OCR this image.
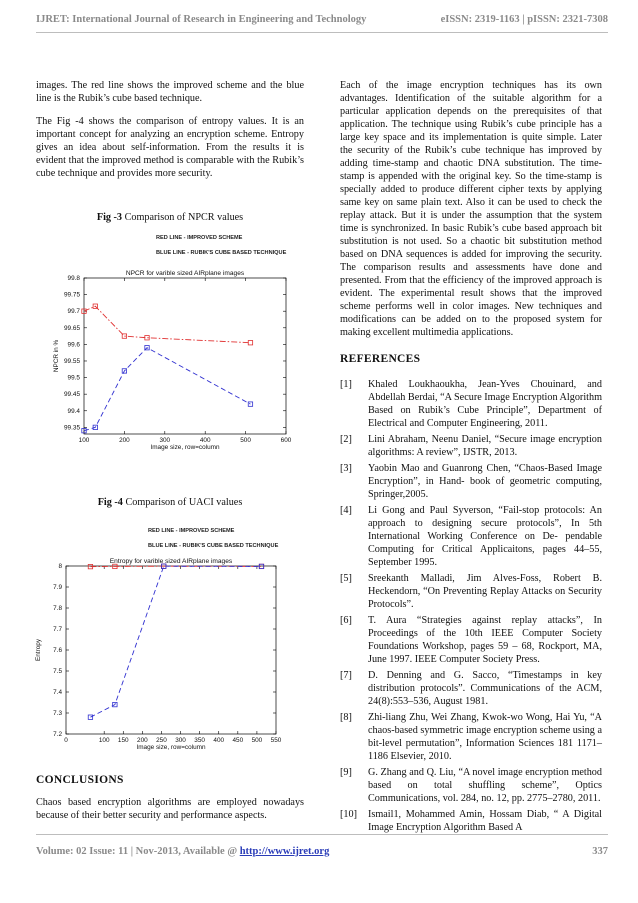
IJRET: International Journal of Research in Engineering and Technology	eISSN: 2319-1163 | pISSN: 2321-7308

images. The red line shows the improved scheme and the blue line is the Rubik’s cube based technique.

The Fig -4 shows the comparison of entropy values. It is an important concept for analyzing an encryption scheme. Entropy gives an idea about self-information. From the results it is evident that the improved method is comparable with the Rubik’s cube technique and provides more security.

Fig -3 Comparison of NPCR values
RED LINE - IMPROVED SCHEME
BLUE LINE - RUBIK'S CUBE BASED TECHNIQUE
NPCR for varible sized AIRplane images
99.35
99.4
99.45
99.5
99.55
99.6
99.65
99.7
99.75
99.8
100	200	300	400	500	600
Image size, row=column
NPCR in %
Fig -4 Comparison of UACI values
RED LINE - IMPROVED SCHEME
BLUE LINE - RUBIK'S CUBE BASED TECHNIQUE
Entropy for varible sized AIRplane images
7.2
7.3
7.4
7.5
7.6
7.7
7.8
7.9
8
0	100 150 200 250 300 350 400 450 500 550
Image size, row=column
Entropy
CONCLUSIONS

Chaos based encryption algorithms are employed nowadays because of their better security and performance aspects.

Each of the image encryption techniques has its own advantages. Identification of the suitable algorithm for a particular application depends on the prerequisites of that application. The technique using Rubik’s cube principle has a large key space and its implementation is quite simple. Later the security of the Rubik’s cube technique has improved by adding time-stamp and chaotic DNA substitution. The time-stamp is appended with the original key. So the time-stamp is specially added to produce different cipher texts by applying same key on same plain text. Also it can be used to check the replay attack. But it is under the assumption that the system time is synchronized. In basic Rubik’s cube based approach bit substitution is not used. So a chaotic bit substitution method based on DNA sequences is added for improving the security. The comparison results and assessments have done and presented. From that the efficiency of the improved approach is evident. The experimental result shows that the improved scheme performs well in color images. New techniques and modifications can be added on to the proposed system for making excellent multimedia applications.

REFERENCES
[1] Khaled Loukhaoukha, Jean-Yves Chouinard, and Abdellah Berdai, “A Secure Image Encryption Algorithm Based on Rubik’s Cube Principle”, Department of Electrical and Computer Engineering, 2011.
[2] Lini Abraham, Neenu Daniel, “Secure image encryption algorithms: A review”, IJSTR, 2013.
[3] Yaobin Mao and Guanrong Chen, “Chaos-Based Image Encryption”, in Hand- book of geometric computing, Springer,2005.
[4] Li Gong and Paul Syverson, “Fail-stop protocols: An approach to designing secure protocols”, In 5th International Working Conference on De- pendable Computing for Critical Applicaitons, pages 44–55, September 1995.
[5] Sreekanth Malladi, Jim Alves-Foss, Robert B. Heckendorn, “On Preventing Replay Attacks on Security Protocols”.
[6] T. Aura “Strategies against replay attacks”, In Proceedings of the 10th IEEE Computer Society Foundations Workshop, pages 59 – 68, Rockport, MA, June 1997. IEEE Computer Society Press.
[7] D. Denning and G. Sacco, “Timestamps in key distribution protocols”. Communications of the ACM, 24(8):553–536, August 1981.
[8] Zhi-liang Zhu, Wei Zhang, Kwok-wo Wong, Hai Yu, “A chaos-based symmetric image encryption scheme using a bit-level permutation”, Information Sciences 181 1171–1186 Elsevier, 2010.
[9] G. Zhang and Q. Liu, “A novel image encryption method based on total shuffling scheme”, Optics Communications, vol. 284, no. 12, pp. 2775–2780, 2011.
[10] Ismail1, Mohammed Amin, Hossam Diab, “ A Digital Image Encryption Algorithm Based A
Volume: 02 Issue: 11 | Nov-2013, Available @ http://www.ijret.org	337
